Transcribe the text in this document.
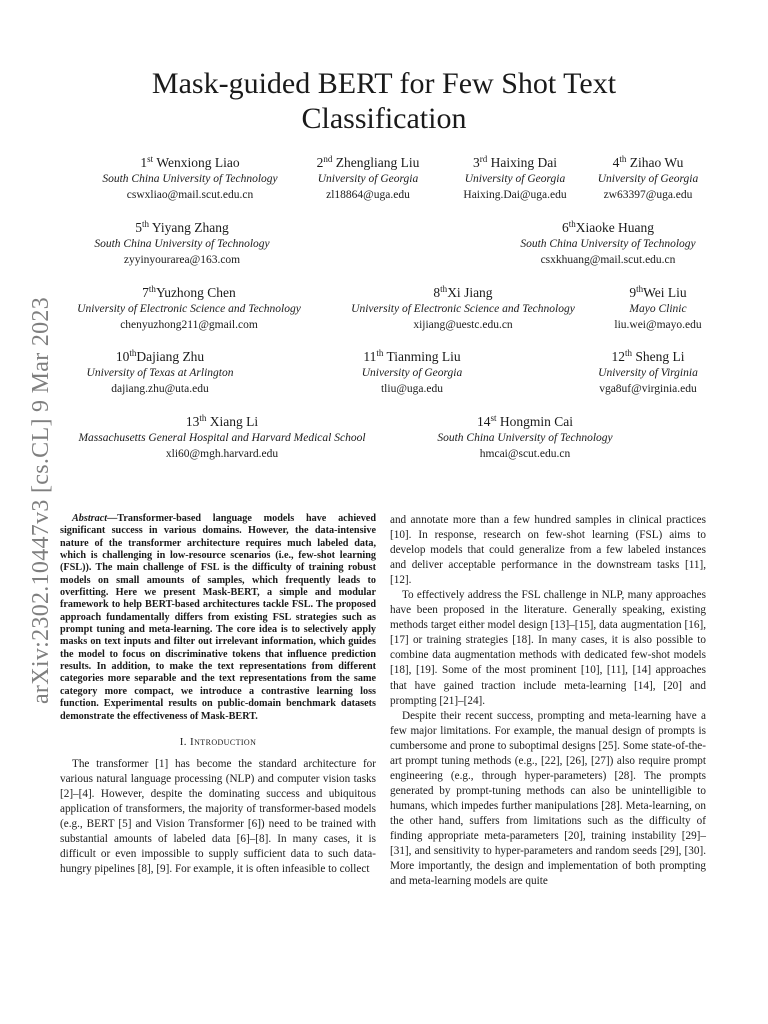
arXiv:2302.10447v3 [cs.CL] 9 Mar 2023
Mask-guided BERT for Few Shot Text Classification
1st Wenxiong Liao
South China University of Technology
cswxliao@mail.scut.edu.cn
2nd Zhengliang Liu
University of Georgia
zl18864@uga.edu
3rd Haixing Dai
University of Georgia
Haixing.Dai@uga.edu
4th Zihao Wu
University of Georgia
zw63397@uga.edu
5th Yiyang Zhang
South China University of Technology
zyyinyourarea@163.com
6thXiaoke Huang
South China University of Technology
csxkhuang@mail.scut.edu.cn
7thYuzhong Chen
University of Electronic Science and Technology
chenyuzhong211@gmail.com
8thXi Jiang
University of Electronic Science and Technology
xijiang@uestc.edu.cn
9thWei Liu
Mayo Clinic
liu.wei@mayo.edu
10thDajiang Zhu
University of Texas at Arlington
dajiang.zhu@uta.edu
11th Tianming Liu
University of Georgia
tliu@uga.edu
12th Sheng Li
University of Virginia
vga8uf@virginia.edu
13th Xiang Li
Massachusetts General Hospital and Harvard Medical School
xli60@mgh.harvard.edu
14st Hongmin Cai
South China University of Technology
hmcai@scut.edu.cn

Abstract—Transformer-based language models have achieved significant success in various domains. However, the data-intensive nature of the transformer architecture requires much labeled data, which is challenging in low-resource scenarios (i.e., few-shot learning (FSL)). The main challenge of FSL is the difficulty of training robust models on small amounts of samples, which frequently leads to overfitting. Here we present Mask-BERT, a simple and modular framework to help BERT-based architectures tackle FSL. The proposed approach fundamentally differs from existing FSL strategies such as prompt tuning and meta-learning. The core idea is to selectively apply masks on text inputs and filter out irrelevant information, which guides the model to focus on discriminative tokens that influence prediction results. In addition, to make the text representations from different categories more separable and the text representations from the same category more compact, we introduce a contrastive learning loss function. Experimental results on public-domain benchmark datasets demonstrate the effectiveness of Mask-BERT.

I. Introduction

The transformer [1] has become the standard architecture for various natural language processing (NLP) and computer vision tasks [2]–[4]. However, despite the dominating success and ubiquitous application of transformers, the majority of transformer-based models (e.g., BERT [5] and Vision Transformer [6]) need to be trained with substantial amounts of labeled data [6]–[8]. In many cases, it is difficult or even impossible to supply sufficient data to such data-hungry pipelines [8], [9]. For example, it is often infeasible to collect

and annotate more than a few hundred samples in clinical practices [10]. In response, research on few-shot learning (FSL) aims to develop models that could generalize from a few labeled instances and deliver acceptable performance in the downstream tasks [11], [12].

To effectively address the FSL challenge in NLP, many approaches have been proposed in the literature. Generally speaking, existing methods target either model design [13]–[15], data augmentation [16], [17] or training strategies [18]. In many cases, it is also possible to combine data augmentation methods with dedicated few-shot models [18], [19]. Some of the most prominent [10], [11], [14] approaches that have gained traction include meta-learning [14], [20] and prompting [21]–[24].

Despite their recent success, prompting and meta-learning have a few major limitations. For example, the manual design of prompts is cumbersome and prone to suboptimal designs [25]. Some state-of-the-art prompt tuning methods (e.g., [22], [26], [27]) also require prompt engineering (e.g., through hyper-parameters) [28]. The prompts generated by prompt-tuning methods can also be unintelligible to humans, which impedes further manipulations [28]. Meta-learning, on the other hand, suffers from limitations such as the difficulty of finding appropriate meta-parameters [20], training instability [29]–[31], and sensitivity to hyper-parameters and random seeds [29], [30]. More importantly, the design and implementation of both prompting and meta-learning models are quite
